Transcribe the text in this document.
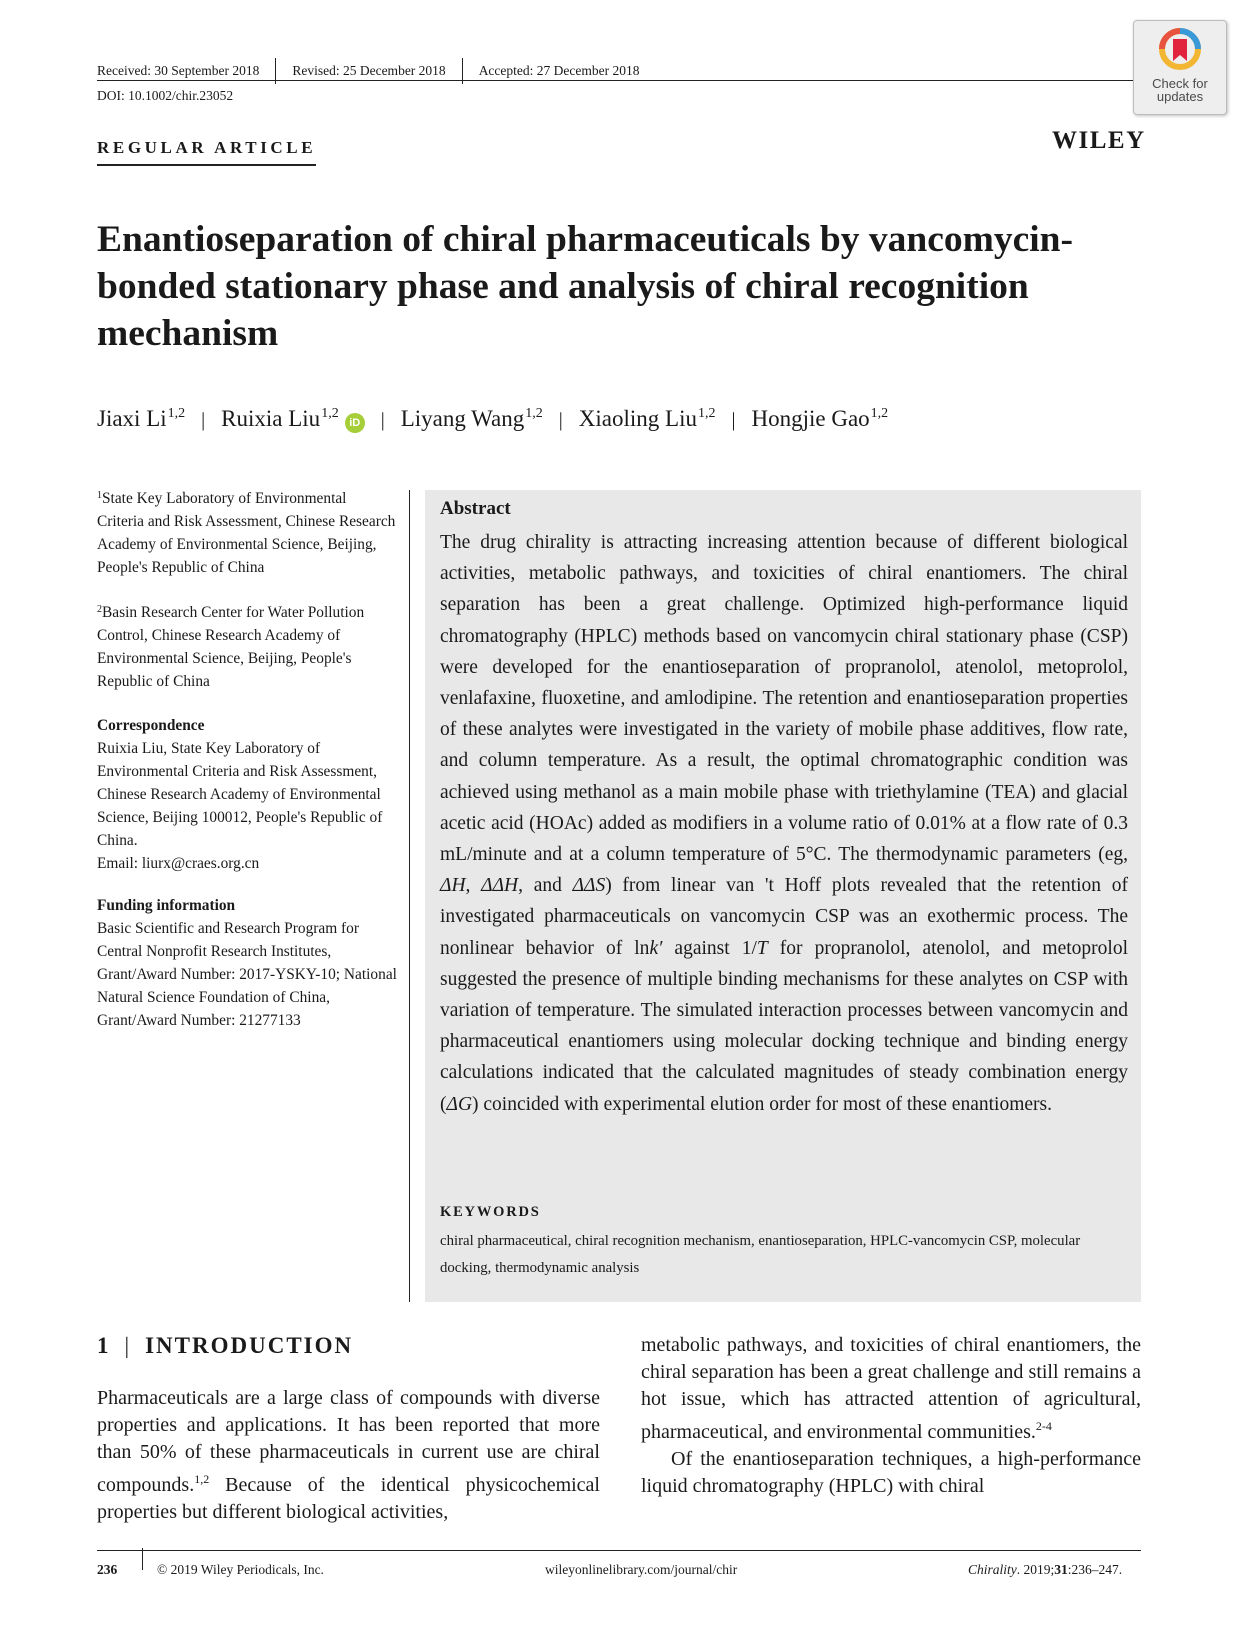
Received: 30 September 2018 Revised: 25 December 2018 Accepted: 27 December 2018
DOI: 10.1002/chir.23052
Check for
updates
REGULAR ARTICLE	WILEY
Enantioseparation of chiral pharmaceuticals by vancomycin-bonded stationary phase and analysis of chiral recognition mechanism
Jiaxi Li$^{1,2}$ | Ruixia Liu$^{1,2}$iD | Liyang Wang$^{1,2}$ | Xiaoling Liu$^{1,2}$ | Hongjie Gao$^{1,2}$
$^1$State Key Laboratory of Environmental Criteria and Risk Assessment, Chinese Research Academy of Environmental Science, Beijing, People's Republic of China
$^2$Basin Research Center for Water Pollution Control, Chinese Research Academy of Environmental Science, Beijing, People's Republic of China
Correspondence
Ruixia Liu, State Key Laboratory of Environmental Criteria and Risk Assessment, Chinese Research Academy of Environmental Science, Beijing 100012, People's Republic of China.
Email: liurx@craes.org.cn
Funding information
Basic Scientific and Research Program for Central Nonprofit Research Institutes, Grant/Award Number: 2017-YSKY-10; National Natural Science Foundation of China, Grant/Award Number: 21277133
Abstract
The drug chirality is attracting increasing attention because of different biological activities, metabolic pathways, and toxicities of chiral enantiomers. The chiral separation has been a great challenge. Optimized high-performance liquid chromatography (HPLC) methods based on vancomycin chiral stationary phase (CSP) were developed for the enantioseparation of propranolol, atenolol, metoprolol, venlafaxine, fluoxetine, and amlodipine. The retention and enantioseparation properties of these analytes were investigated in the variety of mobile phase additives, flow rate, and column temperature. As a result, the optimal chromatographic condition was achieved using methanol as a main mobile phase with triethylamine (TEA) and glacial acetic acid (HOAc) added as modifiers in a volume ratio of 0.01% at a flow rate of 0.3 mL/minute and at a column temperature of 5°C. The thermodynamic parameters (eg, ΔH, ΔΔH, and ΔΔS) from linear van 't Hoff plots revealed that the retention of investigated pharmaceuticals on vancomycin CSP was an exothermic process. The nonlinear behavior of lnk′ against 1/T for propranolol, atenolol, and metoprolol suggested the presence of multiple binding mechanisms for these analytes on CSP with variation of temperature. The simulated interaction processes between vancomycin and pharmaceutical enantiomers using molecular docking technique and binding energy calculations indicated that the calculated magnitudes of steady combination energy (ΔG) coincided with experimental elution order for most of these enantiomers.
KEYWORDS
chiral pharmaceutical, chiral recognition mechanism, enantioseparation, HPLC-vancomycin CSP, molecular docking, thermodynamic analysis
1 | INTRODUCTION
Pharmaceuticals are a large class of compounds with diverse properties and applications. It has been reported that more than 50% of these pharmaceuticals in current use are chiral compounds.$^{1,2}$ Because of the identical physicochemical properties but different biological activities,
metabolic pathways, and toxicities of chiral enantiomers, the chiral separation has been a great challenge and still remains a hot issue, which has attracted attention of agricultural, pharmaceutical, and environmental communities.$^{2-4}$
Of the enantioseparation techniques, a high-performance liquid chromatography (HPLC) with chiral
236	© 2019 Wiley Periodicals, Inc.	wileyonlinelibrary.com/journal/chir	Chirality. 2019;31:236–247.
